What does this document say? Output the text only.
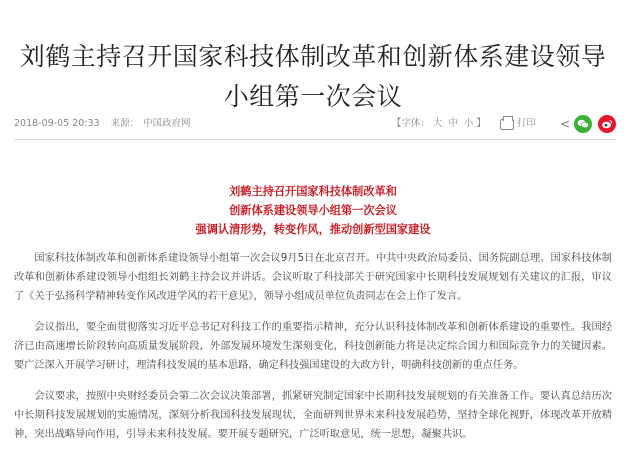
刘鹤主持召开国家科技体制改革和创新体系建设领导
小组第一次会议
2018-09-05 20:33 来源： 中国政府网	【字体： 大 中 小 】	打印 <
刘鹤主持召开国家科技体制改革和
创新体系建设领导小组第一次会议
强调认清形势，转变作风，推动创新型国家建设

国家科技体制改革和创新体系建设领导小组第一次会议9月5日在北京召开。中共中央政治局委员、国务院副总理、国家科技体制改革和创新体系建设领导小组组长刘鹤主持会议并讲话。会议听取了科技部关于研究国家中长期科技发展规划有关建议的汇报，审议了《关于弘扬科学精神转变作风改进学风的若干意见》，领导小组成员单位负责同志在会上作了发言。

会议指出，要全面贯彻落实习近平总书记对科技工作的重要指示精神，充分认识科技体制改革和创新体系建设的重要性。我国经济已由高速增长阶段转向高质量发展阶段，外部发展环境发生深刻变化，科技创新能力将是决定综合国力和国际竞争力的关键因素。要广泛深入开展学习研讨，理清科技发展的基本思路，确定科技强国建设的大政方针，明确科技创新的重点任务。

会议要求，按照中央财经委员会第二次会议决策部署，抓紧研究制定国家中长期科技发展规划的有关准备工作。要认真总结历次中长期科技发展规划的实施情况，深刻分析我国科技发展现状，全面研判世界未来科技发展趋势，坚持全球化视野，体现改革开放精神，突出战略导向作用，引导未来科技发展。要开展专题研究，广泛听取意见，统一思想，凝聚共识。
